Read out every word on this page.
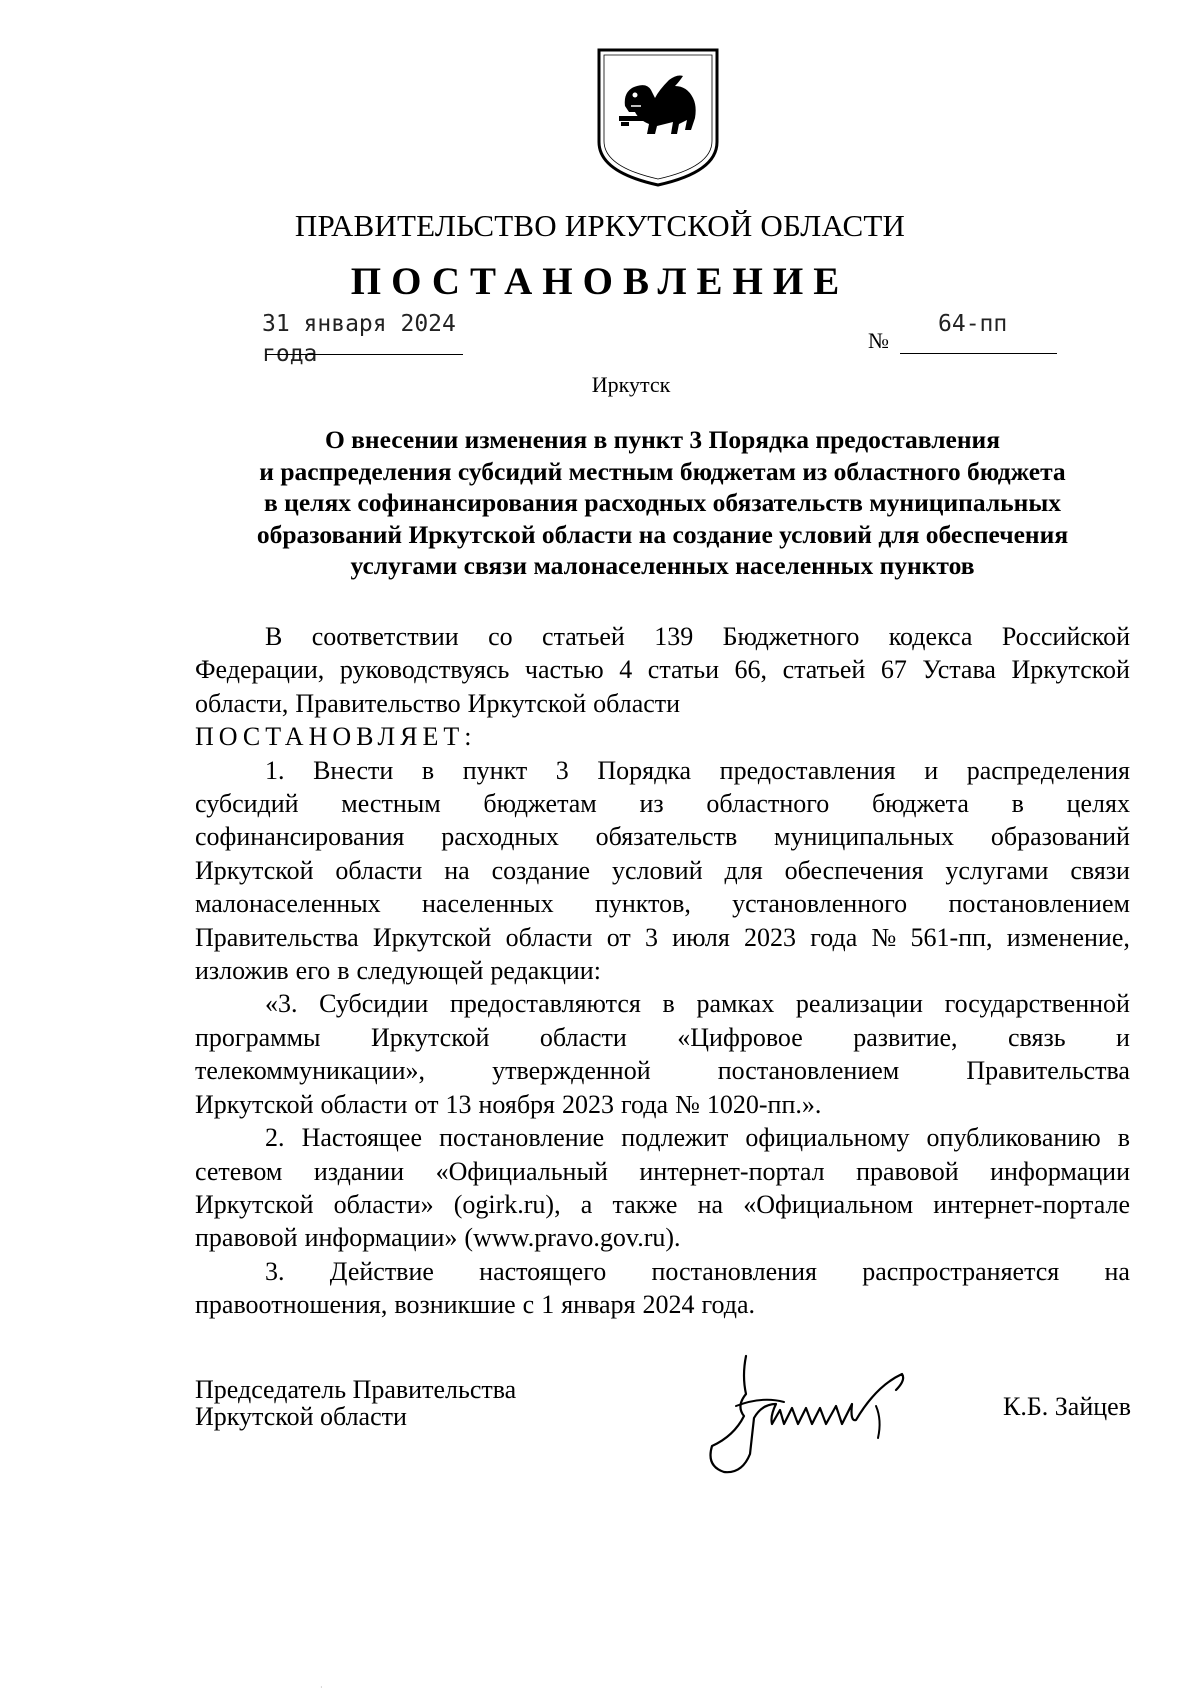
ПРАВИТЕЛЬСТВО ИРКУТСКОЙ ОБЛАСТИ
ПОСТАНОВЛЕНИЕ
31 января 2024 года
№
64-пп
Иркутск
О внесении изменения в пункт 3 Порядка предоставления
и распределения субсидий местным бюджетам из областного бюджета
в целях софинансирования расходных обязательств муниципальных
образований Иркутской области на создание условий для обеспечения
услугами связи малонаселенных населенных пунктов
В соответствии со статьей 139 Бюджетного кодекса Российской
Федерации, руководствуясь частью 4 статьи 66, статьей 67 Устава Иркутской
области, Правительство Иркутской области
ПОСТАНОВЛЯЕТ:
1. Внести в пункт 3 Порядка предоставления и распределения
субсидий местным бюджетам из областного бюджета в целях
софинансирования расходных обязательств муниципальных образований
Иркутской области на создание условий для обеспечения услугами связи
малонаселенных населенных пунктов, установленного постановлением
Правительства Иркутской области от 3 июля 2023 года № 561-пп, изменение,
изложив его в следующей редакции:
«3. Субсидии предоставляются в рамках реализации государственной
программы Иркутской области «Цифровое развитие, связь и
телекоммуникации»,	утвержденной	постановлением	Правительства
Иркутской области от 13 ноября 2023 года № 1020-пп.».
2. Настоящее постановление подлежит официальному опубликованию в
сетевом издании «Официальный интернет-портал правовой информации
Иркутской области» (ogirk.ru), а также на «Официальном интернет-портале
правовой информации» (www.pravo.gov.ru).
3. Действие настоящего постановления распространяется на
правоотношения, возникшие с 1 января 2024 года.
Председатель Правительства
Иркутской области	К.Б. Зайцев
·
